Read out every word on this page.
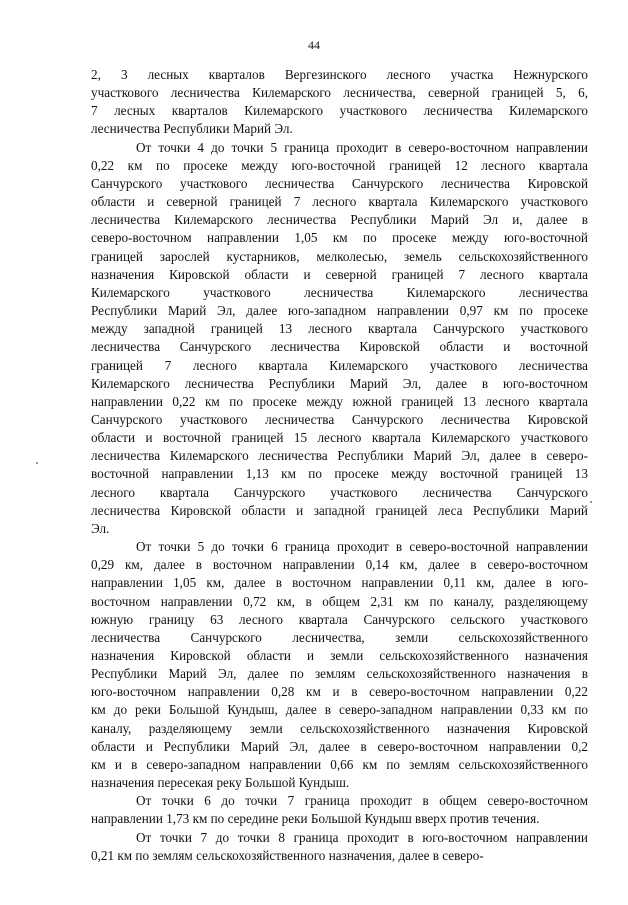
44

2, 3 лесных кварталов Вергезинского лесного участка Нежнурского
участкового лесничества Килемарского лесничества, северной границей 5, 6,
7 лесных кварталов Килемарского участкового лесничества Килемарского
лесничества Республики Марий Эл.

От точки 4 до точки 5 граница проходит в северо-восточном направлении
0,22 км по просеке между юго-восточной границей 12 лесного квартала
Санчурского участкового лесничества Санчурского лесничества Кировской
области и северной границей 7 лесного квартала Килемарского участкового
лесничества Килемарского лесничества Республики Марий Эл и, далее в
северо-восточном направлении 1,05 км по просеке между юго-восточной
границей зарослей кустарников, мелколесью, земель сельскохозяйственного
назначения Кировской области и северной границей 7 лесного квартала
Килемарского участкового лесничества Килемарского лесничества
Республики Марий Эл, далее юго-западном направлении 0,97 км по просеке
между западной границей 13 лесного квартала Санчурского участкового
лесничества Санчурского лесничества Кировской области и восточной
границей 7 лесного квартала Килемарского участкового лесничества
Килемарского лесничества Республики Марий Эл, далее в юго-восточном
направлении 0,22 км по просеке между южной границей 13 лесного квартала
Санчурского участкового лесничества Санчурского лесничества Кировской
области и восточной границей 15 лесного квартала Килемарского участкового
лесничества Килемарского лесничества Республики Марий Эл, далее в северо-
восточной направлении 1,13 км по просеке между восточной границей 13
лесного квартала Санчурского участкового лесничества Санчурского
лесничества Кировской области и западной границей леса Республики Марий
Эл.

От точки 5 до точки 6 граница проходит в северо-восточной направлении
0,29 км, далее в восточном направлении 0,14 км, далее в северо-восточном
направлении 1,05 км, далее в восточном направлении 0,11 км, далее в юго-
восточном направлении 0,72 км, в общем 2,31 км по каналу, разделяющему
южную границу 63 лесного квартала Санчурского сельского участкового
лесничества Санчурского лесничества, земли сельскохозяйственного
назначения Кировской области и земли сельскохозяйственного назначения
Республики Марий Эл, далее по землям сельскохозяйственного назначения в
юго-восточном направлении 0,28 км и в северо-восточном направлении 0,22
км до реки Большой Кундыш, далее в северо-западном направлении 0,33 км по
каналу, разделяющему земли сельскохозяйственного назначения Кировской
области и Республики Марий Эл, далее в северо-восточном направлении 0,2
км и в северо-западном направлении 0,66 км по землям сельскохозяйственного
назначения пересекая реку Большой Кундыш.

От точки 6 до точки 7 граница проходит в общем северо-восточном
направлении 1,73 км по середине реки Большой Кундыш вверх против течения.

От точки 7 до точки 8 граница проходит в юго-восточном направлении
0,21 км по землям сельскохозяйственного назначения, далее в северо-
